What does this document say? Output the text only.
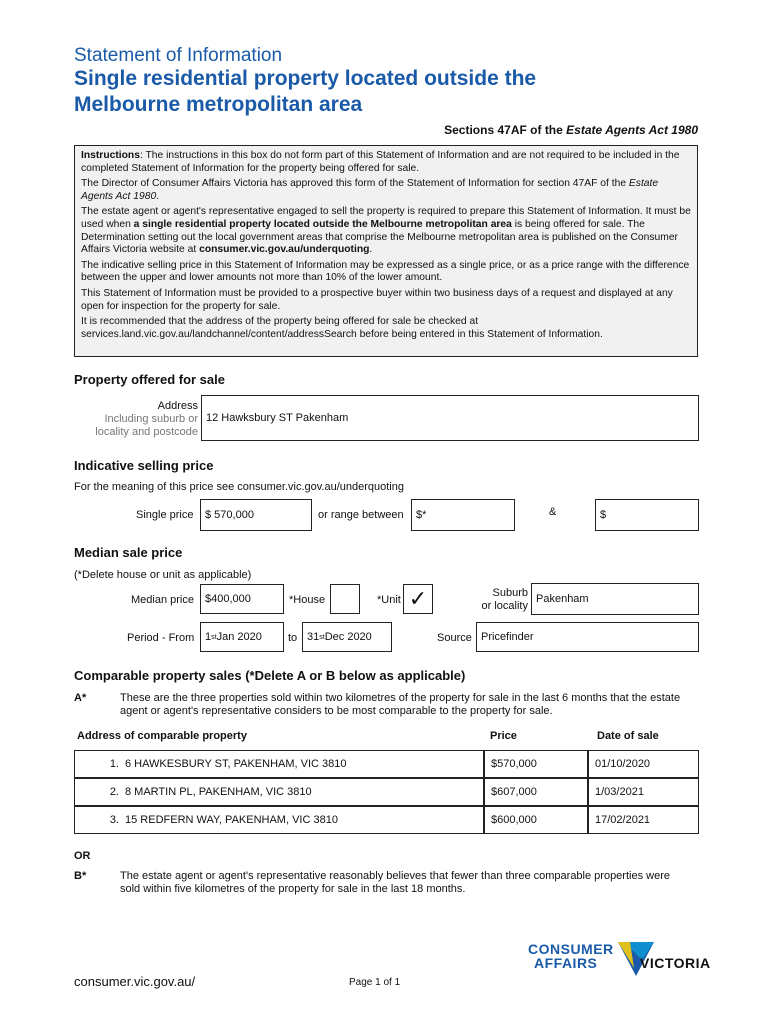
Statement of Information
Single residential property located outside the Melbourne metropolitan area
Sections 47AF of the Estate Agents Act 1980

Instructions: The instructions in this box do not form part of this Statement of Information and are not required to be included in the completed Statement of Information for the property being offered for sale.

The Director of Consumer Affairs Victoria has approved this form of the Statement of Information for section 47AF of the Estate Agents Act 1980.

The estate agent or agent's representative engaged to sell the property is required to prepare this Statement of Information. It must be used when a single residential property located outside the Melbourne metropolitan area is being offered for sale. The Determination setting out the local government areas that comprise the Melbourne metropolitan area is published on the Consumer Affairs Victoria website at consumer.vic.gov.au/underquoting.

The indicative selling price in this Statement of Information may be expressed as a single price, or as a price range with the difference between the upper and lower amounts not more than 10% of the lower amount.

This Statement of Information must be provided to a prospective buyer within two business days of a request and displayed at any open for inspection for the property for sale.

It is recommended that the address of the property being offered for sale be checked at services.land.vic.gov.au/landchannel/content/addressSearch before being entered in this Statement of Information.

Property offered for sale
Address
Including suburb or
locality and postcode
12 Hawksbury ST Pakenham
Indicative selling price
For the meaning of this price see consumer.vic.gov.au/underquoting
Single price	$ 570,000	or range between	$*	&	$
Median sale price
(*Delete house or unit as applicable)
Median price	$400,000	*House	*Unit ✓	Suburb
or locality
Pakenham
Period - From 1 st Jan 2020 to 31 st Dec 2020	Source Pricefinder
Comparable property sales (*Delete A or B below as applicable)
A*	These are the three properties sold within two kilometres of the property for sale in the last 6 months that the estate agent or agent's representative considers to be most comparable to the property for sale.
Address of comparable property	Price	Date of sale
1. 6 HAWKESBURY ST, PAKENHAM, VIC 3810	$570,000	01/10/2020
2. 8 MARTIN PL, PAKENHAM, VIC 3810	$607,000	1/03/2021
3. 15 REDFERN WAY, PAKENHAM, VIC 3810	$600,000	17/02/2021
OR
B*	The estate agent or agent's representative reasonably believes that fewer than three comparable properties were sold within five kilometres of the property for sale in the last 18 months.
CONSUMER
AFFAIRS	VICTORIA
consumer.vic.gov.au/	Page 1 of 1
